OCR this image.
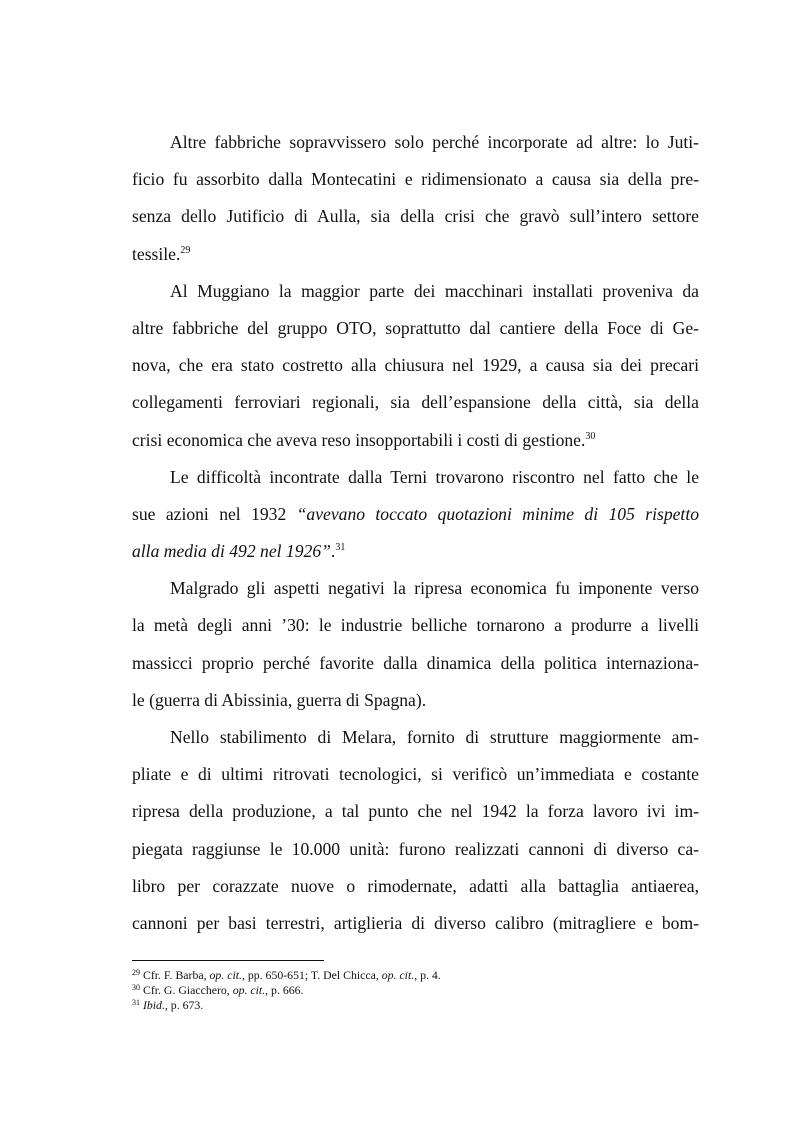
Altre fabbriche sopravvissero solo perché incorporate ad altre: lo Juti-
ficio fu assorbito dalla Montecatini e ridimensionato a causa sia della pre-
senza dello Jutificio di Aulla, sia della crisi che gravò sull’intero settore
tessile.$^{29}$
Al Muggiano la maggior parte dei macchinari installati proveniva da
altre fabbriche del gruppo OTO, soprattutto dal cantiere della Foce di Ge-
nova, che era stato costretto alla chiusura nel 1929, a causa sia dei precari
collegamenti ferroviari regionali, sia dell’espansione della città, sia della
crisi economica che aveva reso insopportabili i costi di gestione.$^{30}$
Le difficoltà incontrate dalla Terni trovarono riscontro nel fatto che le
sue azioni nel 1932 “avevano toccato quotazioni minime di 105 rispetto
alla media di 492 nel 1926”.$^{31}$
Malgrado gli aspetti negativi la ripresa economica fu imponente verso
la metà degli anni ’30: le industrie belliche tornarono a produrre a livelli
massicci proprio perché favorite dalla dinamica della politica internaziona-
le (guerra di Abissinia, guerra di Spagna).
Nello stabilimento di Melara, fornito di strutture maggiormente am-
pliate e di ultimi ritrovati tecnologici, si verificò un’immediata e costante
ripresa della produzione, a tal punto che nel 1942 la forza lavoro ivi im-
piegata raggiunse le 10.000 unità: furono realizzati cannoni di diverso ca-
libro per corazzate nuove o rimodernate, adatti alla battaglia antiaerea,
cannoni per basi terrestri, artiglieria di diverso calibro (mitragliere e bom-
$^{29}$ Cfr. F. Barba, op. cit., pp. 650-651; T. Del Chicca, op. cit., p. 4.
$^{30}$ Cfr. G. Giacchero, op. cit., p. 666.
$^{31}$ Ibid., p. 673.
